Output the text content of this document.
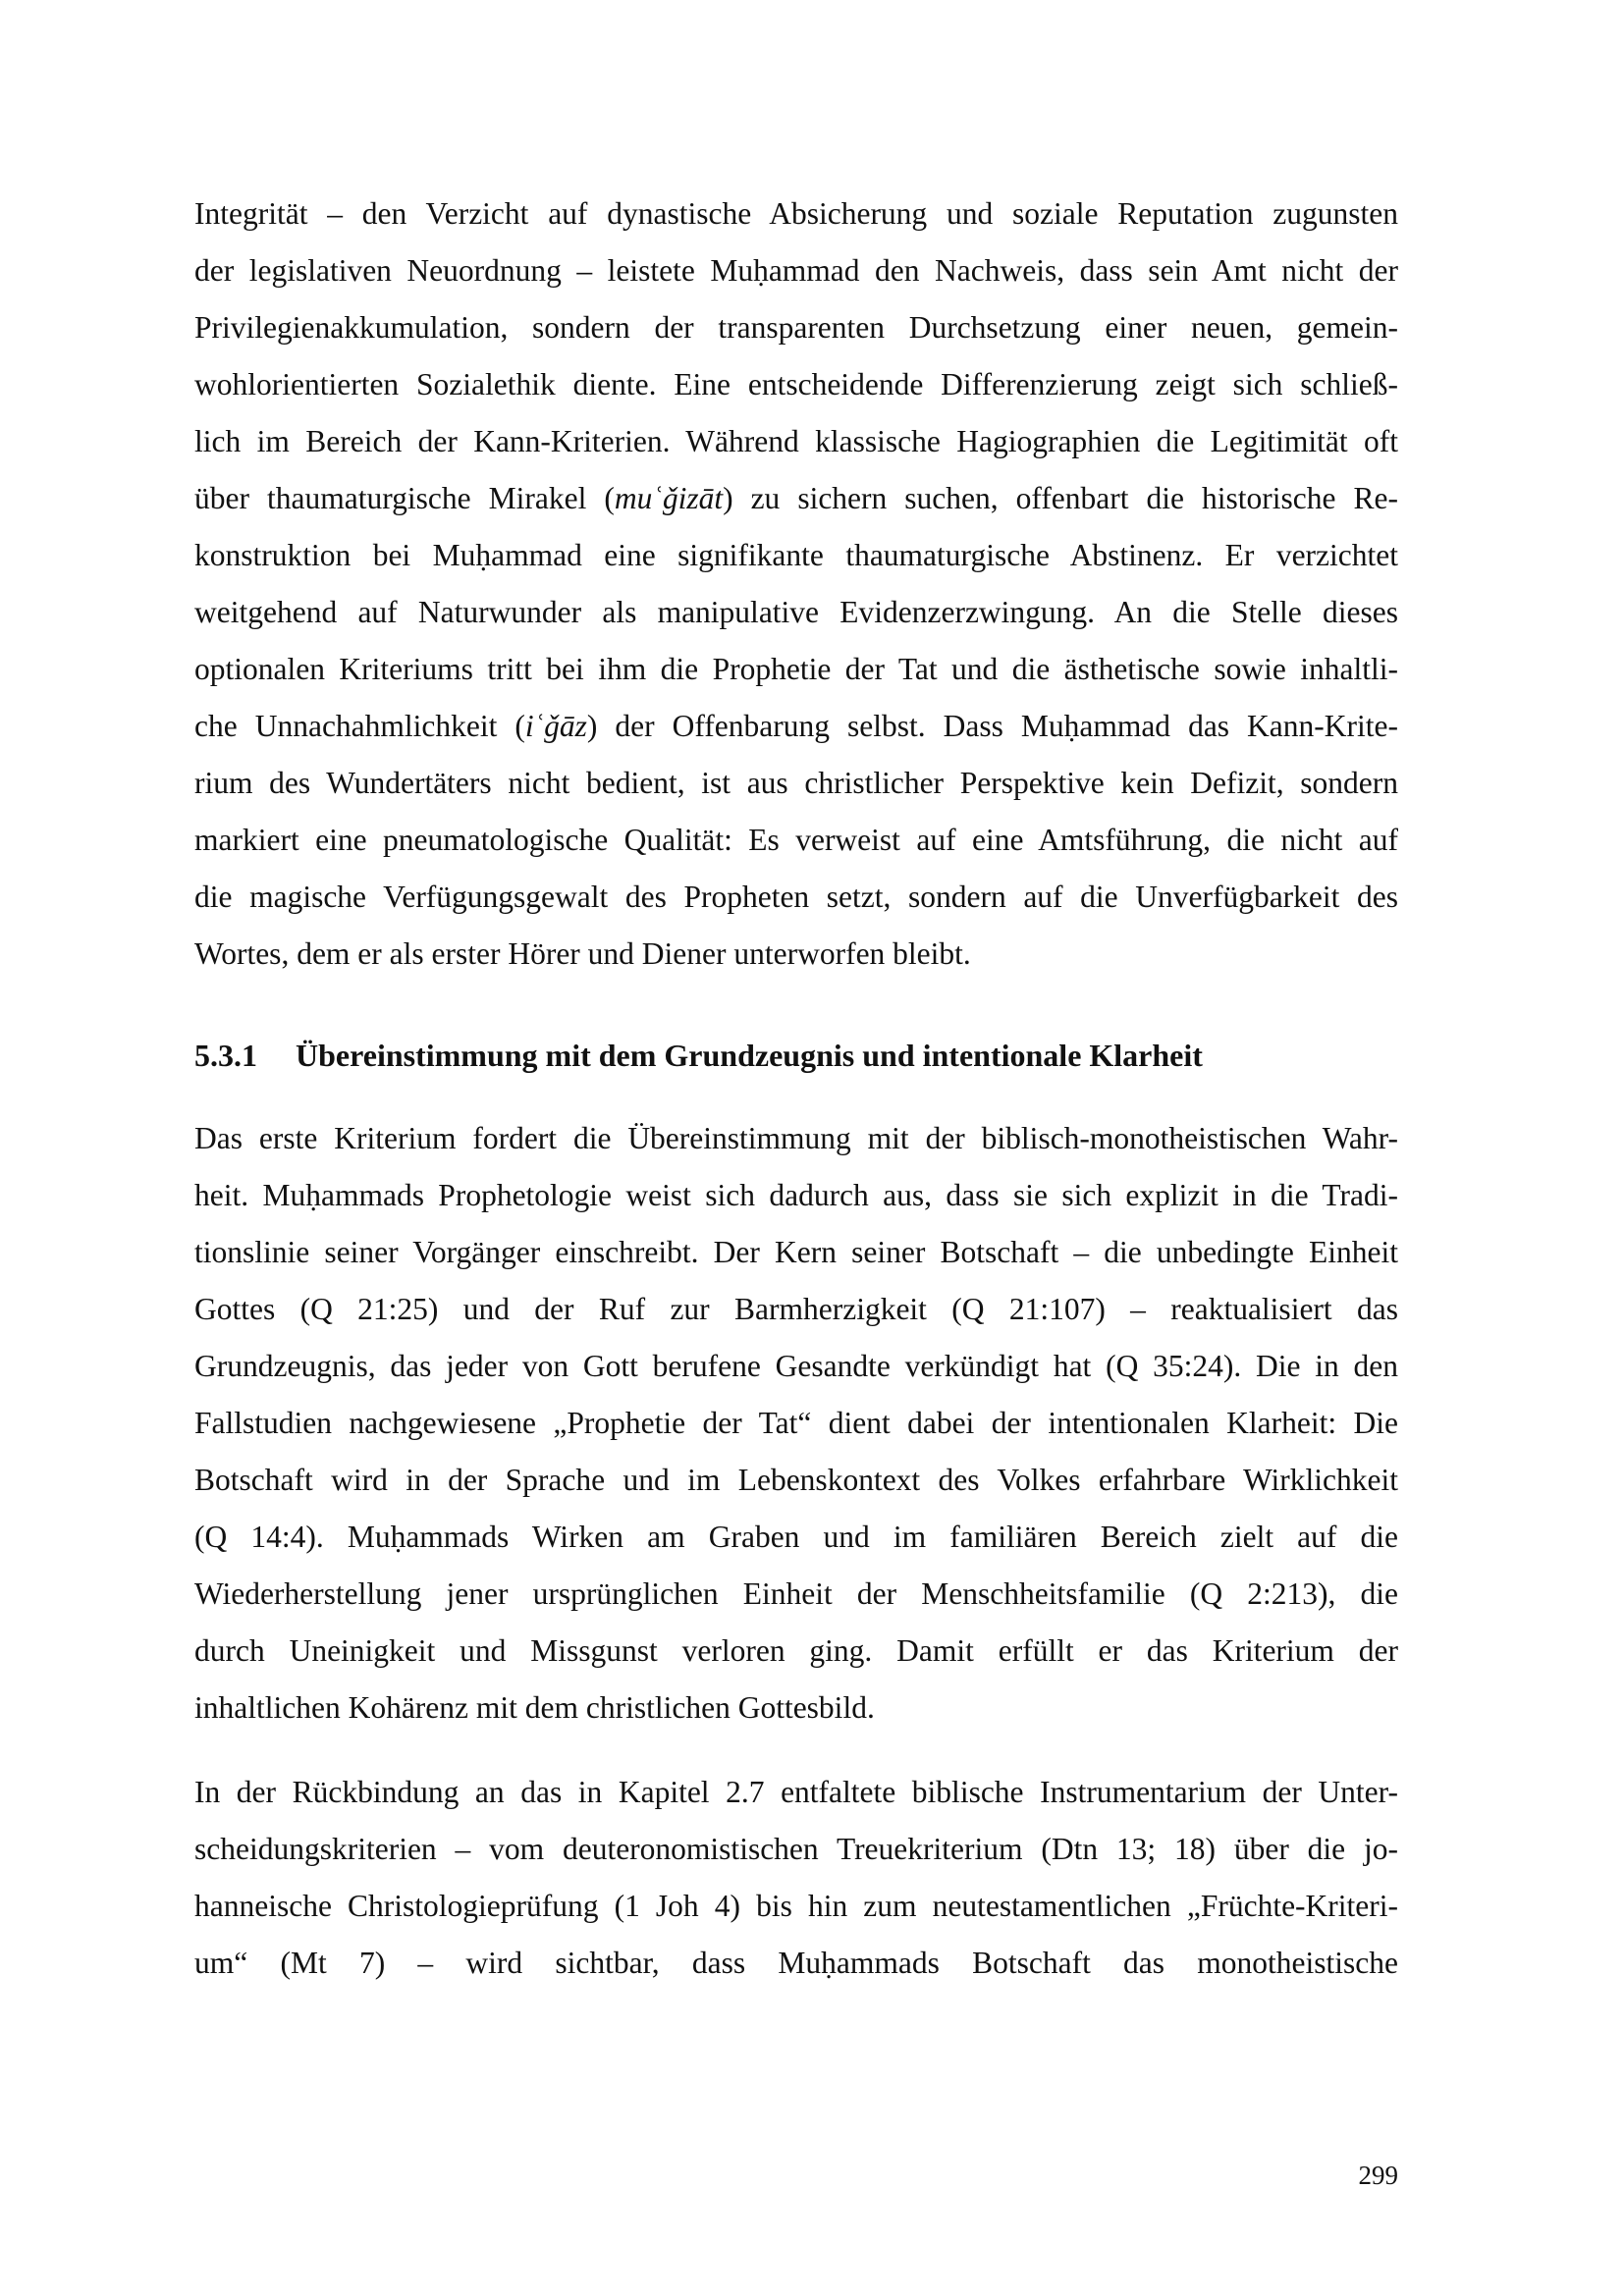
Integrität – den Verzicht auf dynastische Absicherung und soziale Reputation zugunsten
der legislativen Neuordnung – leistete Muḥammad den Nachweis, dass sein Amt nicht der
Privilegienakkumulation, sondern der transparenten Durchsetzung einer neuen, gemein-
wohlorientierten Sozialethik diente. Eine entscheidende Differenzierung zeigt sich schließ-
lich im Bereich der Kann-Kriterien. Während klassische Hagiographien die Legitimität oft
über thaumaturgische Mirakel (muʿǧizāt) zu sichern suchen, offenbart die historische Re-
konstruktion bei Muḥammad eine signifikante thaumaturgische Abstinenz. Er verzichtet
weitgehend auf Naturwunder als manipulative Evidenzerzwingung. An die Stelle dieses
optionalen Kriteriums tritt bei ihm die Prophetie der Tat und die ästhetische sowie inhaltli-
che Unnachahmlichkeit (iʿǧāz) der Offenbarung selbst. Dass Muḥammad das Kann-Krite-
rium des Wundertäters nicht bedient, ist aus christlicher Perspektive kein Defizit, sondern
markiert eine pneumatologische Qualität: Es verweist auf eine Amtsführung, die nicht auf
die magische Verfügungsgewalt des Propheten setzt, sondern auf die Unverfügbarkeit des
Wortes, dem er als erster Hörer und Diener unterworfen bleibt.
5.3.1 Übereinstimmung mit dem Grundzeugnis und intentionale Klarheit
Das erste Kriterium fordert die Übereinstimmung mit der biblisch-monotheistischen Wahr-
heit. Muḥammads Prophetologie weist sich dadurch aus, dass sie sich explizit in die Tradi-
tionslinie seiner Vorgänger einschreibt. Der Kern seiner Botschaft – die unbedingte Einheit
Gottes (Q 21:25) und der Ruf zur Barmherzigkeit (Q 21:107) – reaktualisiert das
Grundzeugnis, das jeder von Gott berufene Gesandte verkündigt hat (Q 35:24). Die in den
Fallstudien nachgewiesene „Prophetie der Tat“ dient dabei der intentionalen Klarheit: Die
Botschaft wird in der Sprache und im Lebenskontext des Volkes erfahrbare Wirklichkeit
(Q 14:4). Muḥammads Wirken am Graben und im familiären Bereich zielt auf die
Wiederherstellung jener ursprünglichen Einheit der Menschheitsfamilie (Q 2:213), die
durch Uneinigkeit und Missgunst verloren ging. Damit erfüllt er das Kriterium der
inhaltlichen Kohärenz mit dem christlichen Gottesbild.
In der Rückbindung an das in Kapitel 2.7 entfaltete biblische Instrumentarium der Unter-
scheidungskriterien – vom deuteronomistischen Treuekriterium (Dtn 13; 18) über die jo-
hanneische Christologieprüfung (1 Joh 4) bis hin zum neutestamentlichen „Früchte-Kriteri-
um“ (Mt 7) – wird sichtbar, dass Muḥammads Botschaft das monotheistische
299
